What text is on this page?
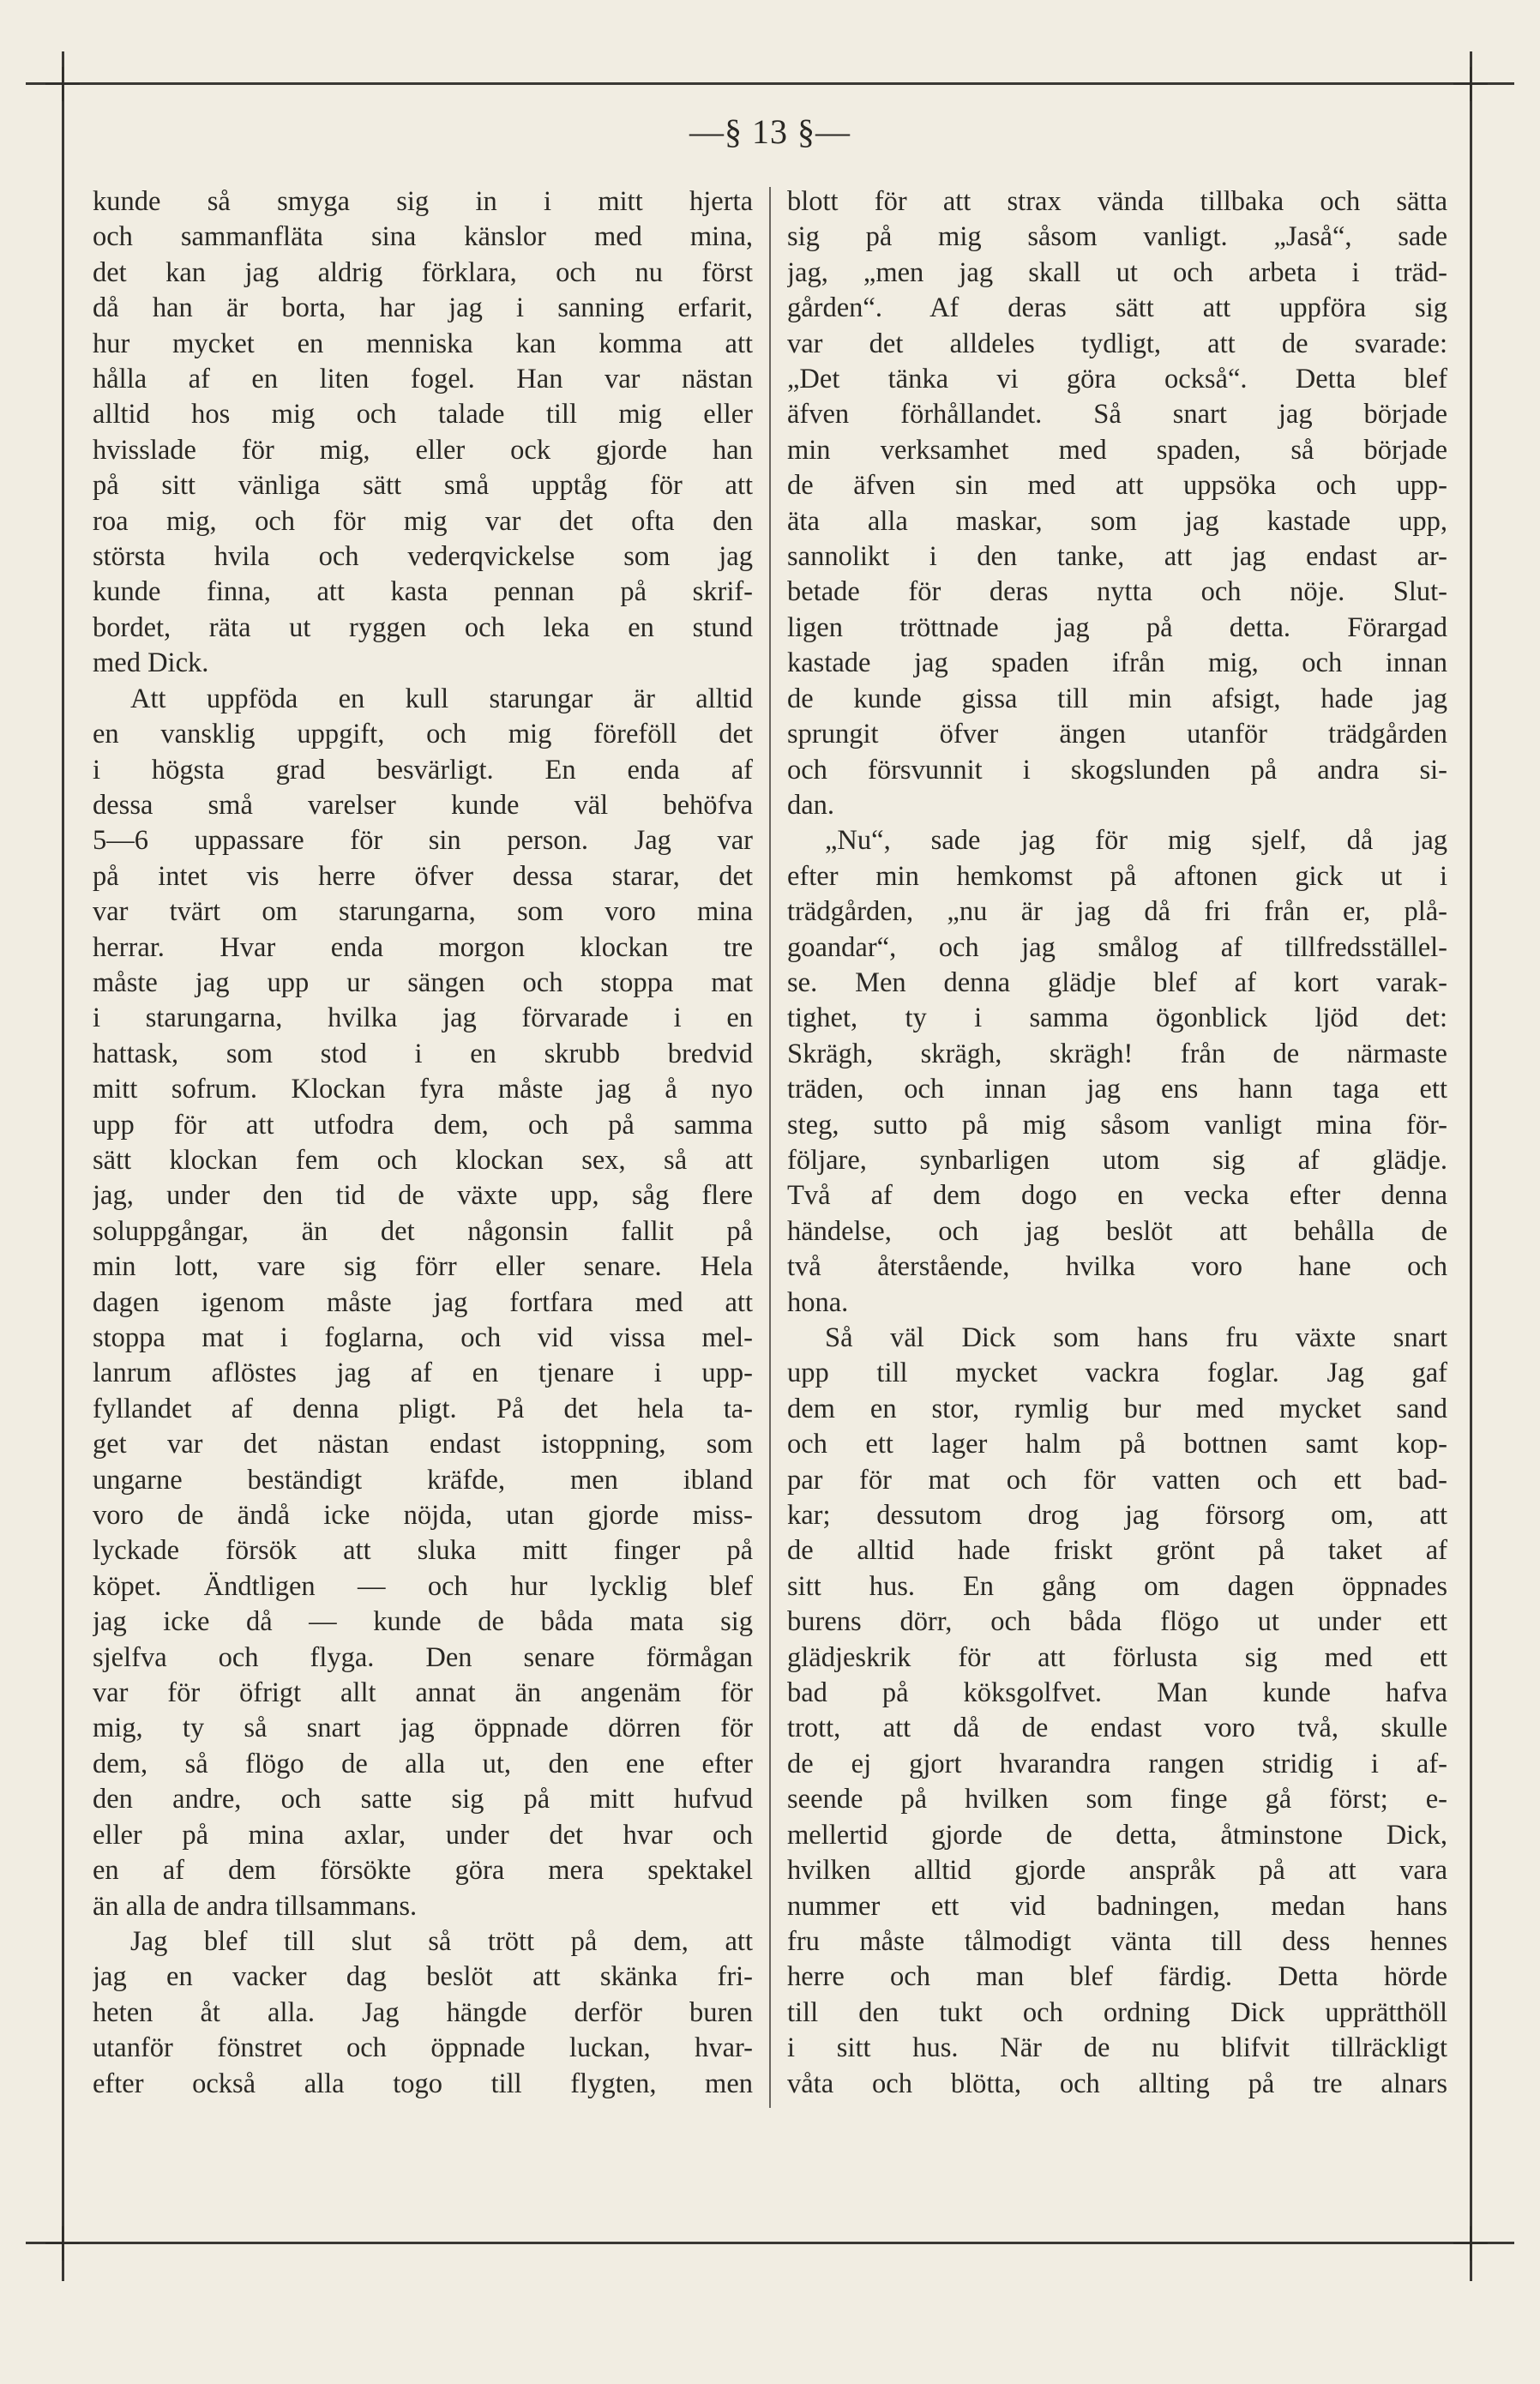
—§ 13 §—
kunde så smyga sig in i mitt hjerta
och sammanfläta sina känslor med mina,
det kan jag aldrig förklara, och nu först
då han är borta, har jag i sanning erfarit,
hur mycket en menniska kan komma att
hålla af en liten fogel. Han var nästan
alltid hos mig och talade till mig eller
hvisslade för mig, eller ock gjorde han
på sitt vänliga sätt små upptåg för att
roa mig, och för mig var det ofta den
största hvila och vederqvickelse som jag
kunde finna, att kasta pennan på skrif-
bordet, räta ut ryggen och leka en stund
med Dick.
Att uppföda en kull starungar är alltid
en vansklig uppgift, och mig föreföll det
i högsta grad besvärligt. En enda af
dessa små varelser kunde väl behöfva
5—6 uppassare för sin person. Jag var
på intet vis herre öfver dessa starar, det
var tvärt om starungarna, som voro mina
herrar. Hvar enda morgon klockan tre
måste jag upp ur sängen och stoppa mat
i starungarna, hvilka jag förvarade i en
hattask, som stod i en skrubb bredvid
mitt sofrum. Klockan fyra måste jag å nyo
upp för att utfodra dem, och på samma
sätt klockan fem och klockan sex, så att
jag, under den tid de växte upp, såg flere
soluppgångar, än det någonsin fallit på
min lott, vare sig förr eller senare. Hela
dagen igenom måste jag fortfara med att
stoppa mat i foglarna, och vid vissa mel-
lanrum aflöstes jag af en tjenare i upp-
fyllandet af denna pligt. På det hela ta-
get var det nästan endast istoppning, som
ungarne beständigt kräfde, men ibland
voro de ändå icke nöjda, utan gjorde miss-
lyckade försök att sluka mitt finger på
köpet. Ändtligen — och hur lycklig blef
jag icke då — kunde de båda mata sig
sjelfva och flyga. Den senare förmågan
var för öfrigt allt annat än angenäm för
mig, ty så snart jag öppnade dörren för
dem, så flögo de alla ut, den ene efter
den andre, och satte sig på mitt hufvud
eller på mina axlar, under det hvar och
en af dem försökte göra mera spektakel
än alla de andra tillsammans.
Jag blef till slut så trött på dem, att
jag en vacker dag beslöt att skänka fri-
heten åt alla. Jag hängde derför buren
utanför fönstret och öppnade luckan, hvar-
efter också alla togo till flygten, men
blott för att strax vända tillbaka och sätta
sig på mig såsom vanligt. „Jaså“, sade
jag, „men jag skall ut och arbeta i träd-
gården“. Af deras sätt att uppföra sig
var det alldeles tydligt, att de svarade:
„Det tänka vi göra också“. Detta blef
äfven förhållandet. Så snart jag började
min verksamhet med spaden, så började
de äfven sin med att uppsöka och upp-
äta alla maskar, som jag kastade upp,
sannolikt i den tanke, att jag endast ar-
betade för deras nytta och nöje. Slut-
ligen tröttnade jag på detta. Förargad
kastade jag spaden ifrån mig, och innan
de kunde gissa till min afsigt, hade jag
sprungit öfver ängen utanför trädgården
och försvunnit i skogslunden på andra si-
dan.
„Nu“, sade jag för mig sjelf, då jag
efter min hemkomst på aftonen gick ut i
trädgården, „nu är jag då fri från er, plå-
goandar“, och jag smålog af tillfredsställel-
se. Men denna glädje blef af kort varak-
tighet, ty i samma ögonblick ljöd det:
Skrägh, skrägh, skrägh! från de närmaste
träden, och innan jag ens hann taga ett
steg, sutto på mig såsom vanligt mina för-
följare, synbarligen utom sig af glädje.
Två af dem dogo en vecka efter denna
händelse, och jag beslöt att behålla de
två återstående, hvilka voro hane och
hona.
Så väl Dick som hans fru växte snart
upp till mycket vackra foglar. Jag gaf
dem en stor, rymlig bur med mycket sand
och ett lager halm på bottnen samt kop-
par för mat och för vatten och ett bad-
kar; dessutom drog jag försorg om, att
de alltid hade friskt grönt på taket af
sitt hus. En gång om dagen öppnades
burens dörr, och båda flögo ut under ett
glädjeskrik för att förlusta sig med ett
bad på köksgolfvet. Man kunde hafva
trott, att då de endast voro två, skulle
de ej gjort hvarandra rangen stridig i af-
seende på hvilken som finge gå först; e-
mellertid gjorde de detta, åtminstone Dick,
hvilken alltid gjorde anspråk på att vara
nummer ett vid badningen, medan hans
fru måste tålmodigt vänta till dess hennes
herre och man blef färdig. Detta hörde
till den tukt och ordning Dick upprätthöll
i sitt hus. När de nu blifvit tillräckligt
våta och blötta, och allting på tre alnars
